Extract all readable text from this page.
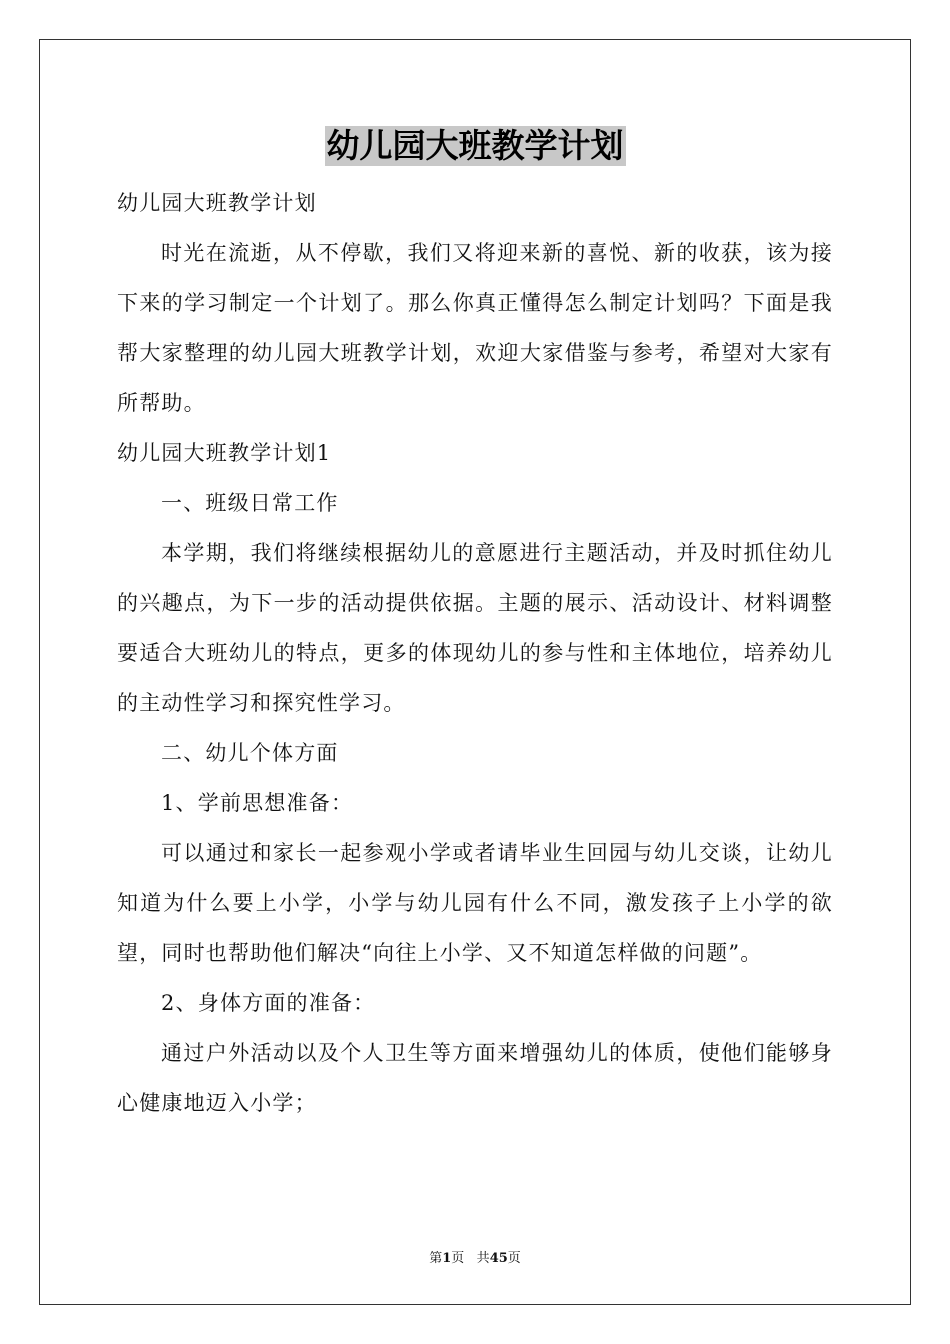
幼儿园大班教学计划

幼儿园大班教学计划

时光在流逝，从不停歇，我们又将迎来新的喜悦、新的收获，该为接下来的学习制定一个计划了。那么你真正懂得怎么制定计划吗？下面是我帮大家整理的幼儿园大班教学计划，欢迎大家借鉴与参考，希望对大家有所帮助。

幼儿园大班教学计划1

一、班级日常工作

本学期，我们将继续根据幼儿的意愿进行主题活动，并及时抓住幼儿的兴趣点，为下一步的活动提供依据。主题的展示、活动设计、材料调整要适合大班幼儿的特点，更多的体现幼儿的参与性和主体地位，培养幼儿的主动性学习和探究性学习。

二、幼儿个体方面

1、学前思想准备：

可以通过和家长一起参观小学或者请毕业生回园与幼儿交谈，让幼儿知道为什么要上小学，小学与幼儿园有什么不同，激发孩子上小学的欲望，同时也帮助他们解决“向往上小学、又不知道怎样做的问题”。

2、身体方面的准备：

通过户外活动以及个人卫生等方面来增强幼儿的体质，使他们能够身心健康地迈入小学；

第1页 共45页
